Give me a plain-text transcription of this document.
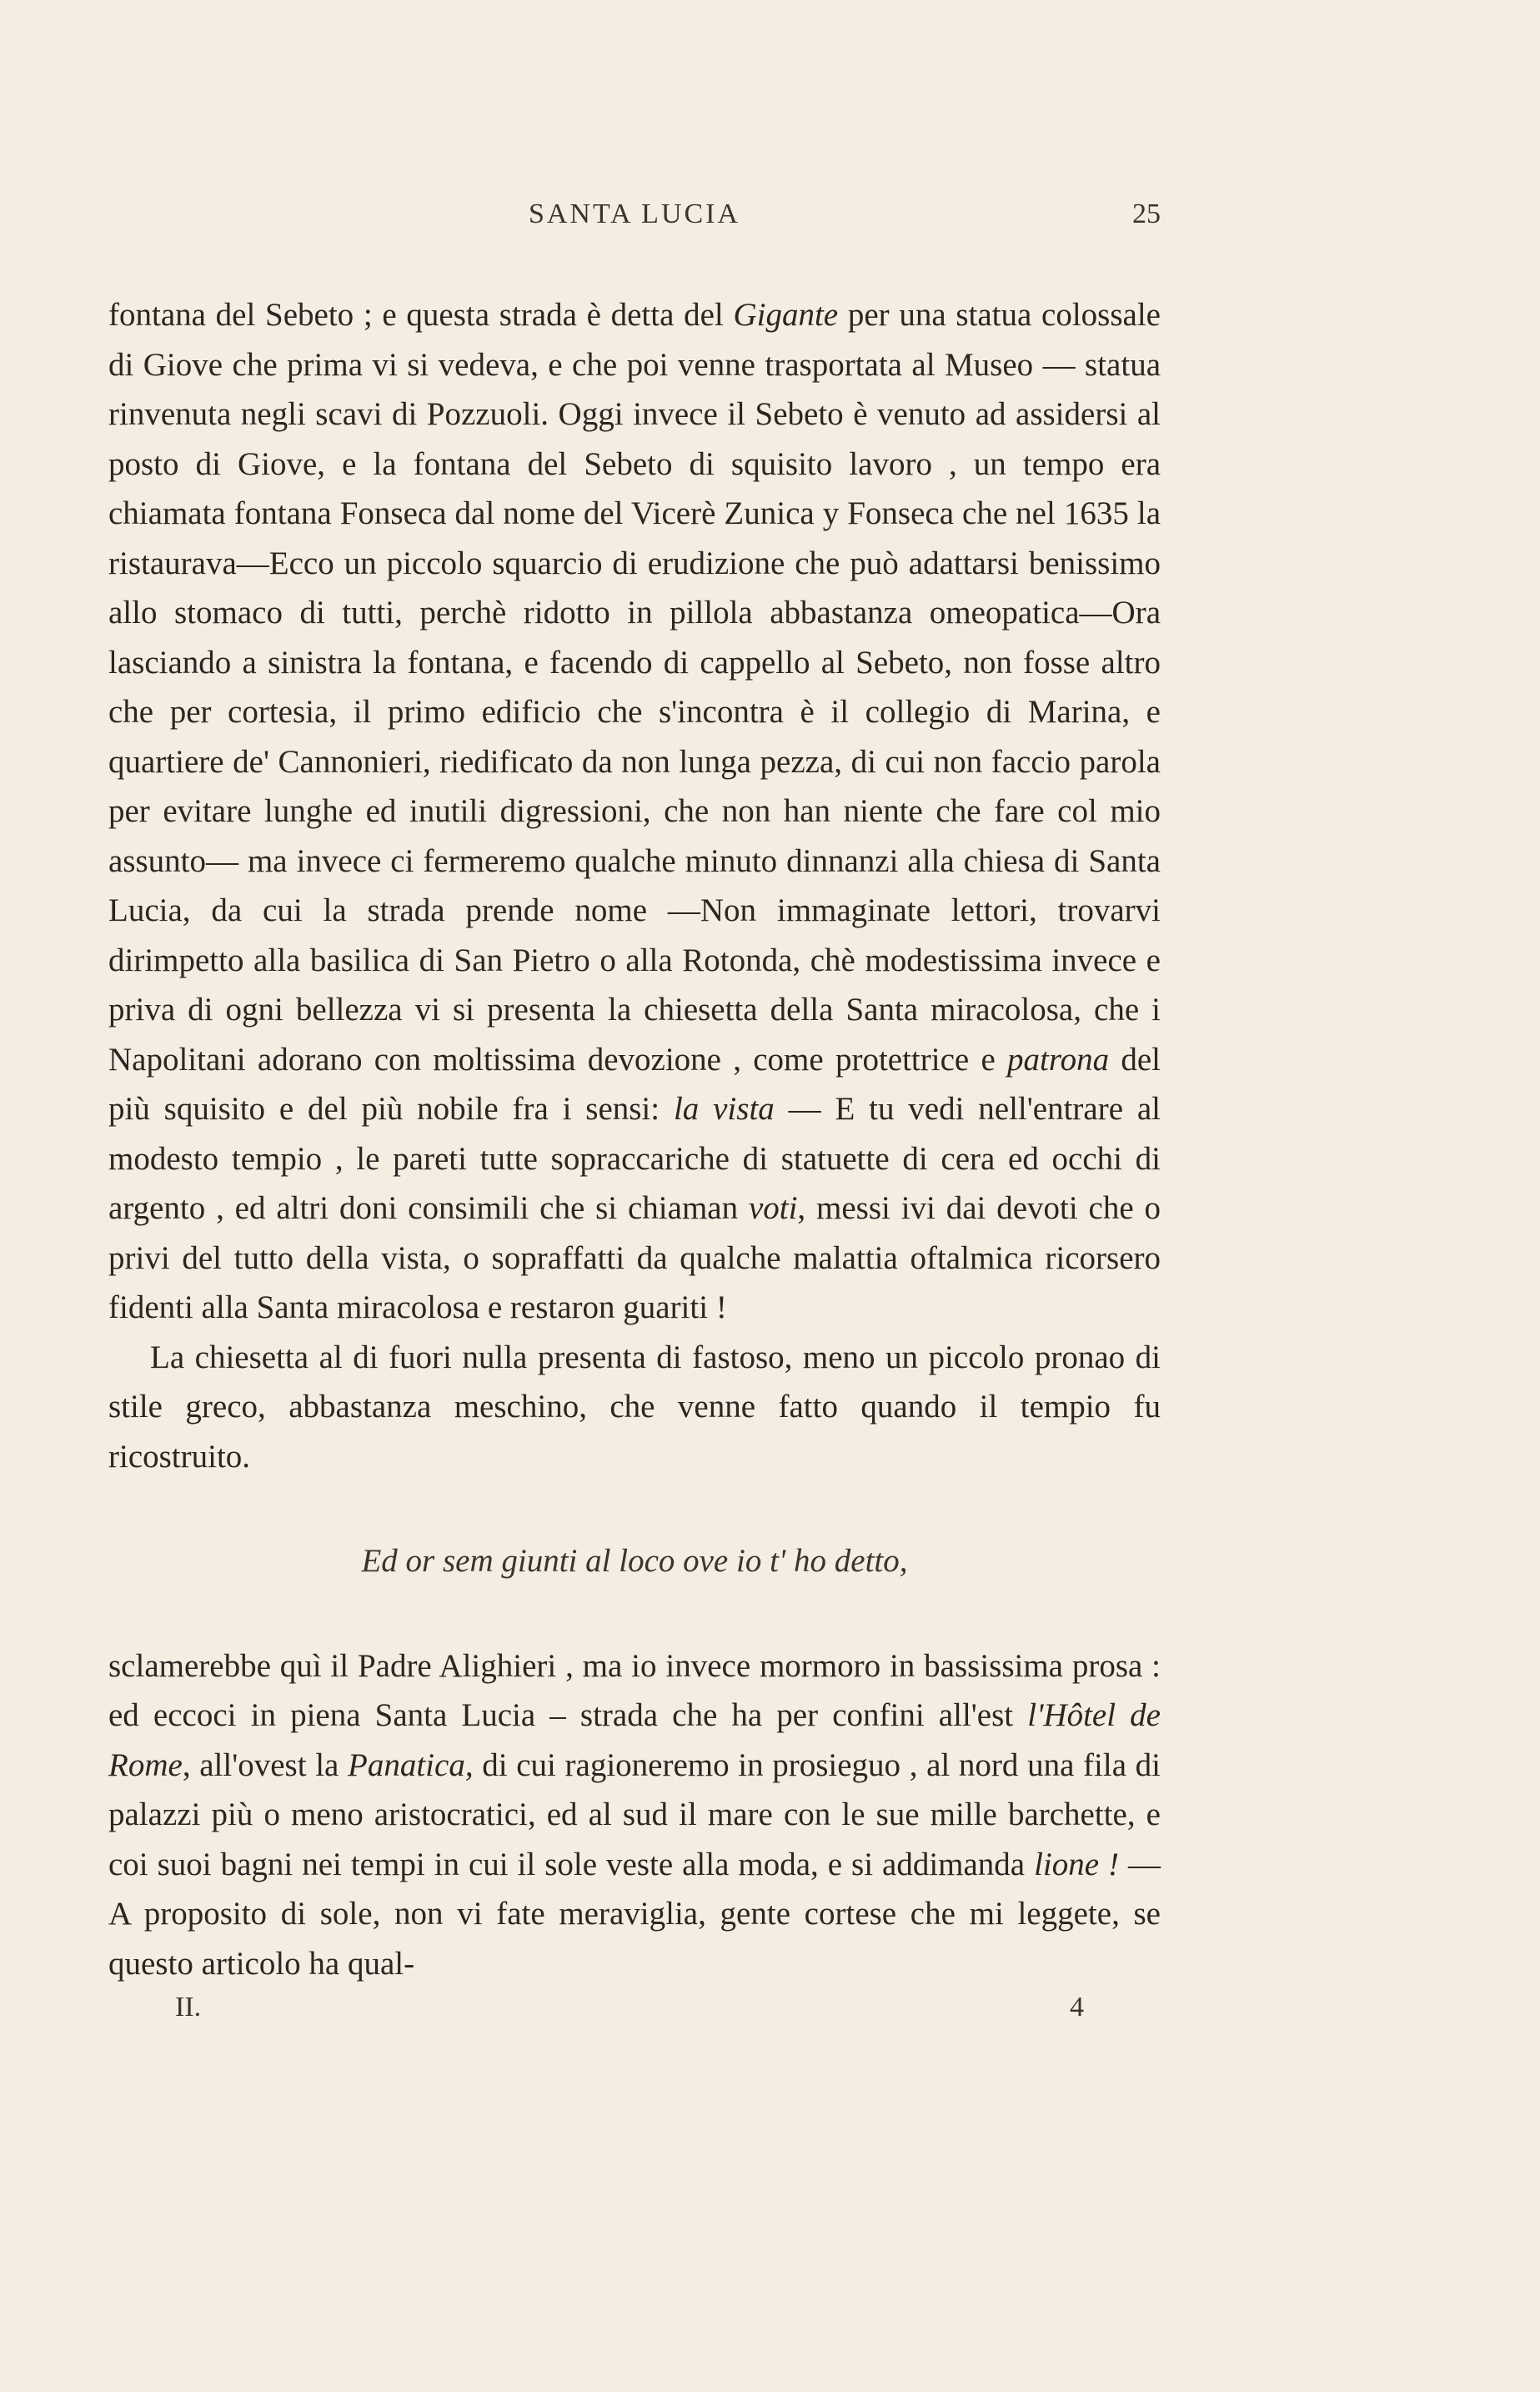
SANTA LUCIA	25

fontana del Sebeto ; e questa strada è detta del Gigante per una statua colossale di Giove che prima vi si vedeva, e che poi venne trasportata al Museo — statua rinvenuta negli scavi di Pozzuoli. Oggi invece il Sebeto è venuto ad assidersi al posto di Giove, e la fontana del Sebeto di squisito lavoro , un tempo era chiamata fontana Fonseca dal nome del Vicerè Zunica y Fonseca che nel 1635 la ristaurava—Ecco un piccolo squarcio di erudizione che può adattarsi benissimo allo stomaco di tutti, perchè ridotto in pillola abbastanza omeopatica—Ora lasciando a sinistra la fontana, e facendo di cappello al Sebeto, non fosse altro che per cortesia, il primo edificio che s'incontra è il collegio di Marina, e quartiere de' Cannonieri, riedificato da non lunga pezza, di cui non faccio parola per evitare lunghe ed inutili digressioni, che non han niente che fare col mio assunto— ma invece ci fermeremo qualche minuto dinnanzi alla chiesa di Santa Lucia, da cui la strada prende nome —Non immaginate lettori, trovarvi dirimpetto alla basilica di San Pietro o alla Rotonda, chè modestissima invece e priva di ogni bellezza vi si presenta la chiesetta della Santa miracolosa, che i Napolitani adorano con moltissima devozione , come protettrice e patrona del più squisito e del più nobile fra i sensi: la vista — E tu vedi nell'entrare al modesto tempio , le pareti tutte sopraccariche di statuette di cera ed occhi di argento , ed altri doni consimili che si chiaman voti, messi ivi dai devoti che o privi del tutto della vista, o sopraffatti da qualche malattia oftalmica ricorsero fidenti alla Santa miracolosa e restaron guariti !

La chiesetta al di fuori nulla presenta di fastoso, meno un piccolo pronao di stile greco, abbastanza meschino, che venne fatto quando il tempio fu ricostruito.

Ed or sem giunti al loco ove io t' ho detto,

sclamerebbe quì il Padre Alighieri , ma io invece mormoro in bassissima prosa : ed eccoci in piena Santa Lucia – strada che ha per confini all'est l'Hôtel de Rome, all'ovest la Panatica, di cui ragioneremo in prosieguo , al nord una fila di palazzi più o meno aristocratici, ed al sud il mare con le sue mille barchette, e coi suoi bagni nei tempi in cui il sole veste alla moda, e si addimanda lione ! —A proposito di sole, non vi fate meraviglia, gente cortese che mi leggete, se questo articolo ha qual-

II.	4
